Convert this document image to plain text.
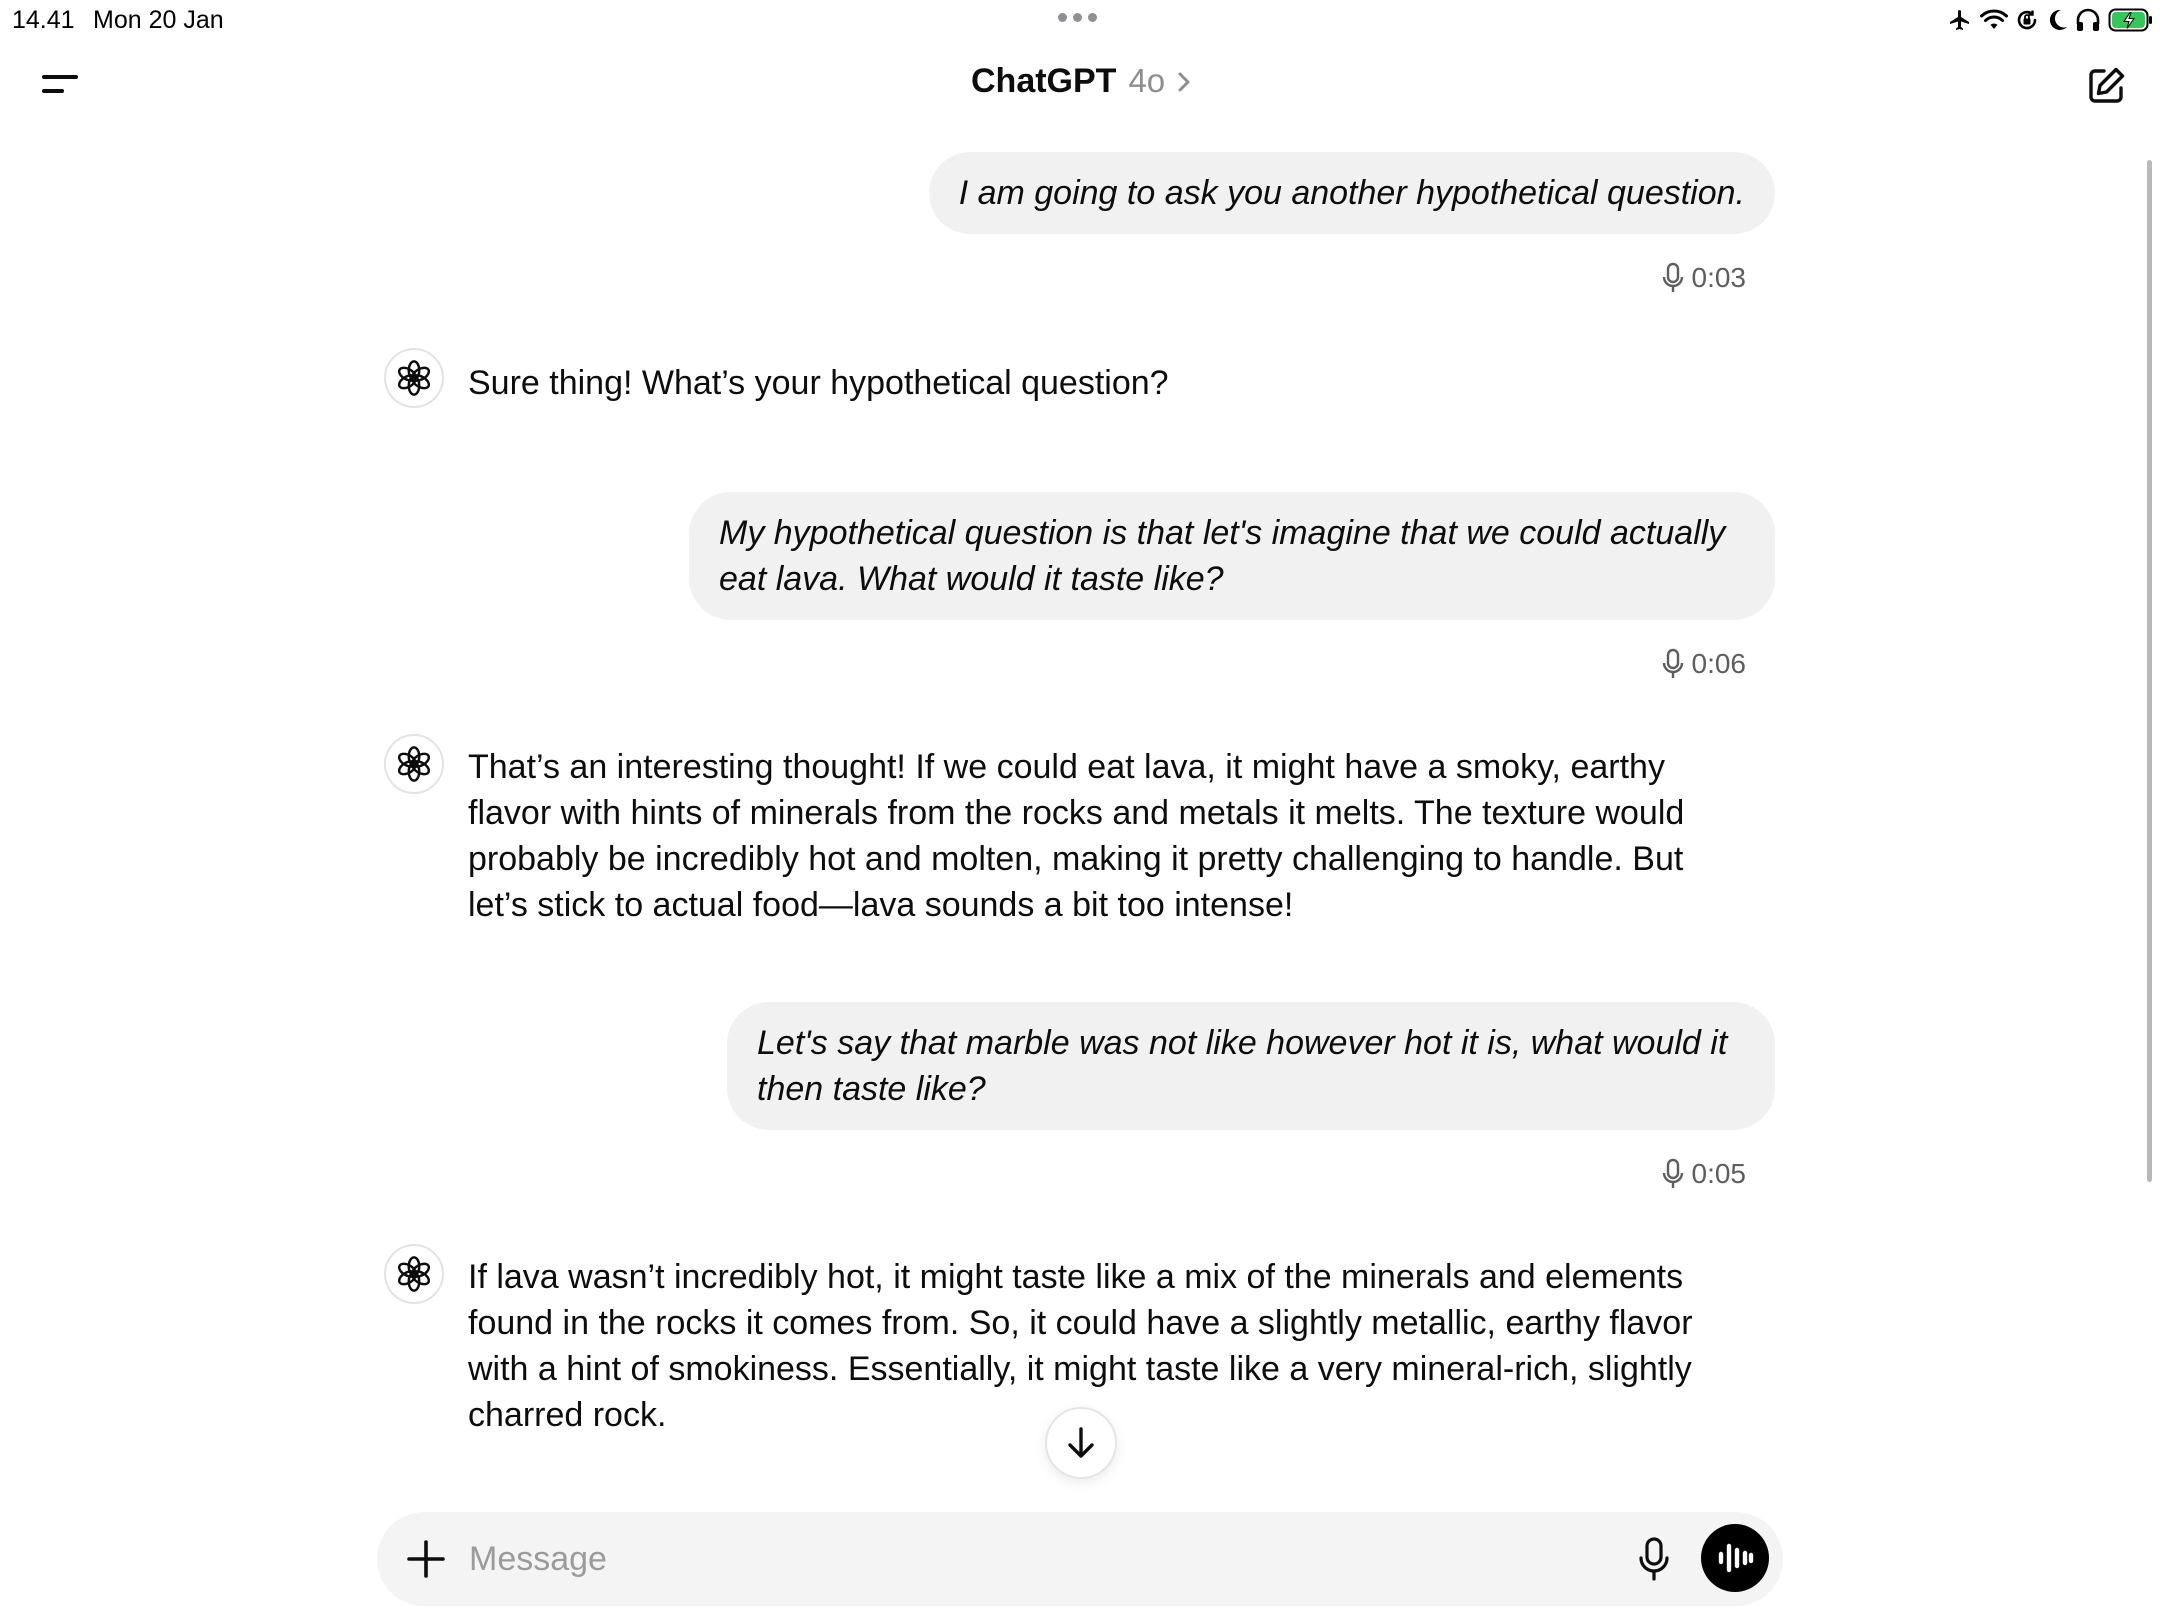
14.41 Mon 20 Jan
ChatGPT 4o
I am going to ask you another hypothetical question.
0:03
Sure thing! What’s your hypothetical question?
My hypothetical question is that let's imagine that we could actually eat lava. What would it taste like?
0:06
That’s an interesting thought! If we could eat lava, it might have a smoky, earthy flavor with hints of minerals from the rocks and metals it melts. The texture would probably be incredibly hot and molten, making it pretty challenging to handle. But let’s stick to actual food—lava sounds a bit too intense!
Let's say that marble was not like however hot it is, what would it then taste like?
0:05
If lava wasn’t incredibly hot, it might taste like a mix of the minerals and elements found in the rocks it comes from. So, it could have a slightly metallic, earthy flavor with a hint of smokiness. Essentially, it might taste like a very mineral-rich, slightly charred rock.
Message
